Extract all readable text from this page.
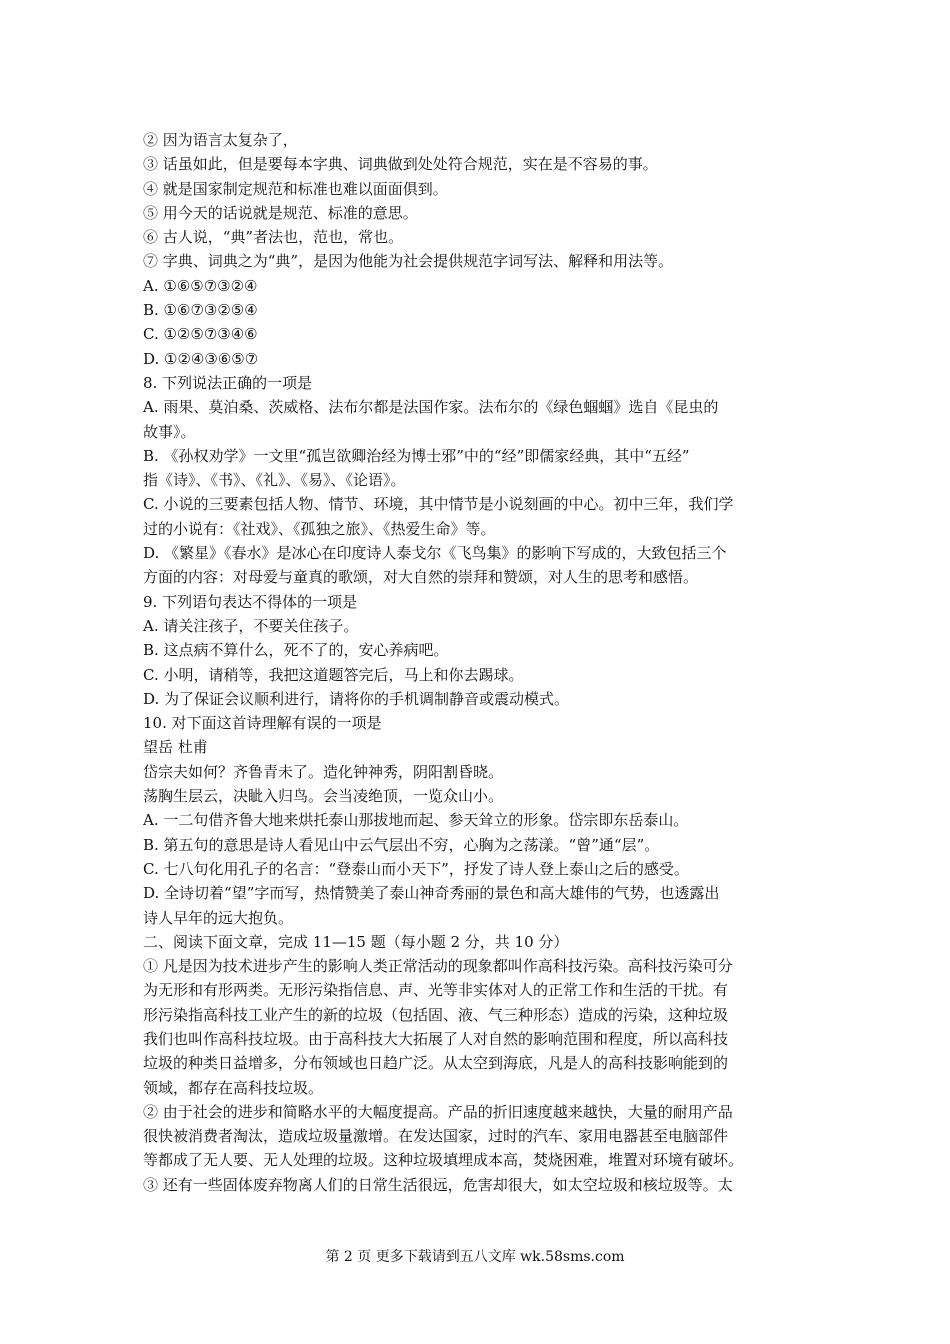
② 因为语言太复杂了，
③ 话虽如此，但是要每本字典、词典做到处处符合规范，实在是不容易的事。
④ 就是国家制定规范和标准也难以面面俱到。
⑤ 用今天的话说就是规范、标准的意思。
⑥ 古人说，“典”者法也，范也，常也。
⑦ 字典、词典之为“典”，是因为他能为社会提供规范字词写法、解释和用法等。
A. ①⑥⑤⑦③②④
B. ①⑥⑦③②⑤④
C. ①②⑤⑦③④⑥
D. ①②④③⑥⑤⑦
8. 下列说法正确的一项是
A. 雨果、莫泊桑、茨威格、法布尔都是法国作家。法布尔的《绿色蝈蝈》选自《昆虫的
故事》。
B. 《孙权劝学》一文里“孤岂欲卿治经为博士邪”中的“经”即儒家经典，其中“五经”
指《诗》、《书》、《礼》、《易》、《论语》。
C. 小说的三要素包括人物、情节、环境，其中情节是小说刻画的中心。初中三年，我们学
过的小说有：《社戏》、《孤独之旅》、《热爱生命》等。
D. 《繁星》《春水》是冰心在印度诗人泰戈尔《飞鸟集》的影响下写成的，大致包括三个
方面的内容：对母爱与童真的歌颂，对大自然的崇拜和赞颂，对人生的思考和感悟。
9. 下列语句表达不得体的一项是
A. 请关注孩子，不要关住孩子。
B. 这点病不算什么，死不了的，安心养病吧。
C. 小明，请稍等，我把这道题答完后，马上和你去踢球。
D. 为了保证会议顺利进行，请将你的手机调制静音或震动模式。
10. 对下面这首诗理解有误的一项是
望岳 杜甫
岱宗夫如何？齐鲁青未了。造化钟神秀，阴阳割昏晓。
荡胸生层云，决眦入归鸟。会当凌绝顶，一览众山小。
A. 一二句借齐鲁大地来烘托泰山那拔地而起、参天耸立的形象。岱宗即东岳泰山。
B. 第五句的意思是诗人看见山中云气层出不穷，心胸为之荡漾。“曾”通“层”。
C. 七八句化用孔子的名言：“登泰山而小天下”，抒发了诗人登上泰山之后的感受。
D. 全诗切着“望”字而写，热情赞美了泰山神奇秀丽的景色和高大雄伟的气势，也透露出
诗人早年的远大抱负。
二、阅读下面文章，完成 11—15 题（每小题 2 分，共 10 分）
① 凡是因为技术进步产生的影响人类正常活动的现象都叫作高科技污染。高科技污染可分
为无形和有形两类。无形污染指信息、声、光等非实体对人的正常工作和生活的干扰。有
形污染指高科技工业产生的新的垃圾（包括固、液、气三种形态）造成的污染，这种垃圾
我们也叫作高科技垃圾。由于高科技大大拓展了人对自然的影响范围和程度，所以高科技
垃圾的种类日益增多，分布领域也日趋广泛。从太空到海底，凡是人的高科技影响能到的
领域，都存在高科技垃圾。
② 由于社会的进步和简略水平的大幅度提高。产品的折旧速度越来越快，大量的耐用产品
很快被消费者淘汰，造成垃圾量激增。在发达国家，过时的汽车、家用电器甚至电脑部件
等都成了无人要、无人处理的垃圾。这种垃圾填埋成本高，焚烧困难，堆置对环境有破坏。
③ 还有一些固体废弃物离人们的日常生活很远，危害却很大，如太空垃圾和核垃圾等。太
第 2 页 更多下载请到五八文库 wk.58sms.com
